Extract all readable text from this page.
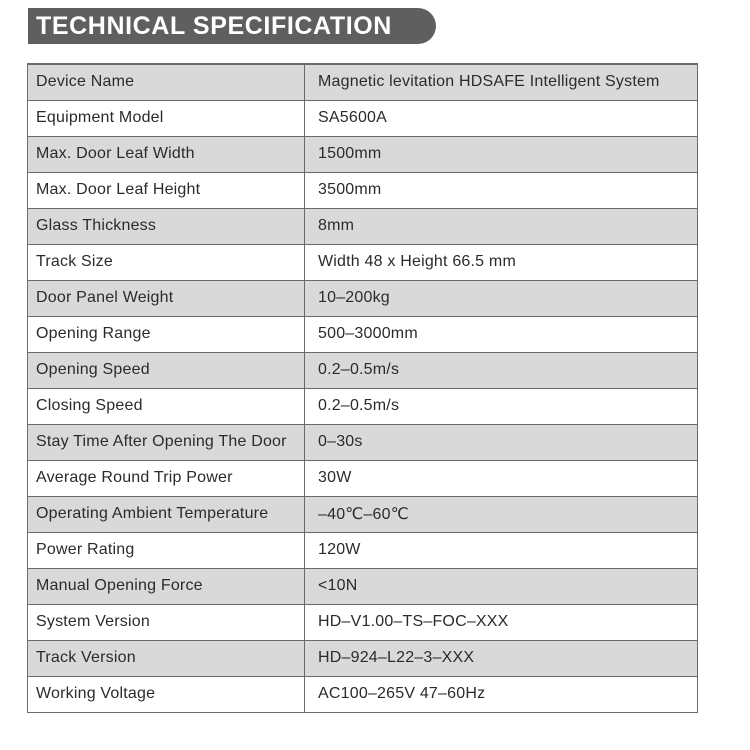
TECHNICAL SPECIFICATION
Device Name	Magnetic levitation HDSAFE Intelligent System
Equipment Model	SA5600A
Max. Door Leaf Width	1500mm
Max. Door Leaf Height	3500mm
Glass Thickness	8mm
Track Size	Width 48 x Height 66.5 mm
Door Panel Weight	10–200kg
Opening Range	500–3000mm
Opening Speed	0.2–0.5m/s
Closing Speed	0.2–0.5m/s
Stay Time After Opening The Door	0–30s
Average Round Trip Power	30W
Operating Ambient Temperature	–40℃–60℃
Power Rating	120W
Manual Opening Force	<10N
System Version	HD–V1.00–TS–FOC–XXX
Track Version	HD–924–L22–3–XXX
Working Voltage	AC100–265V 47–60Hz
